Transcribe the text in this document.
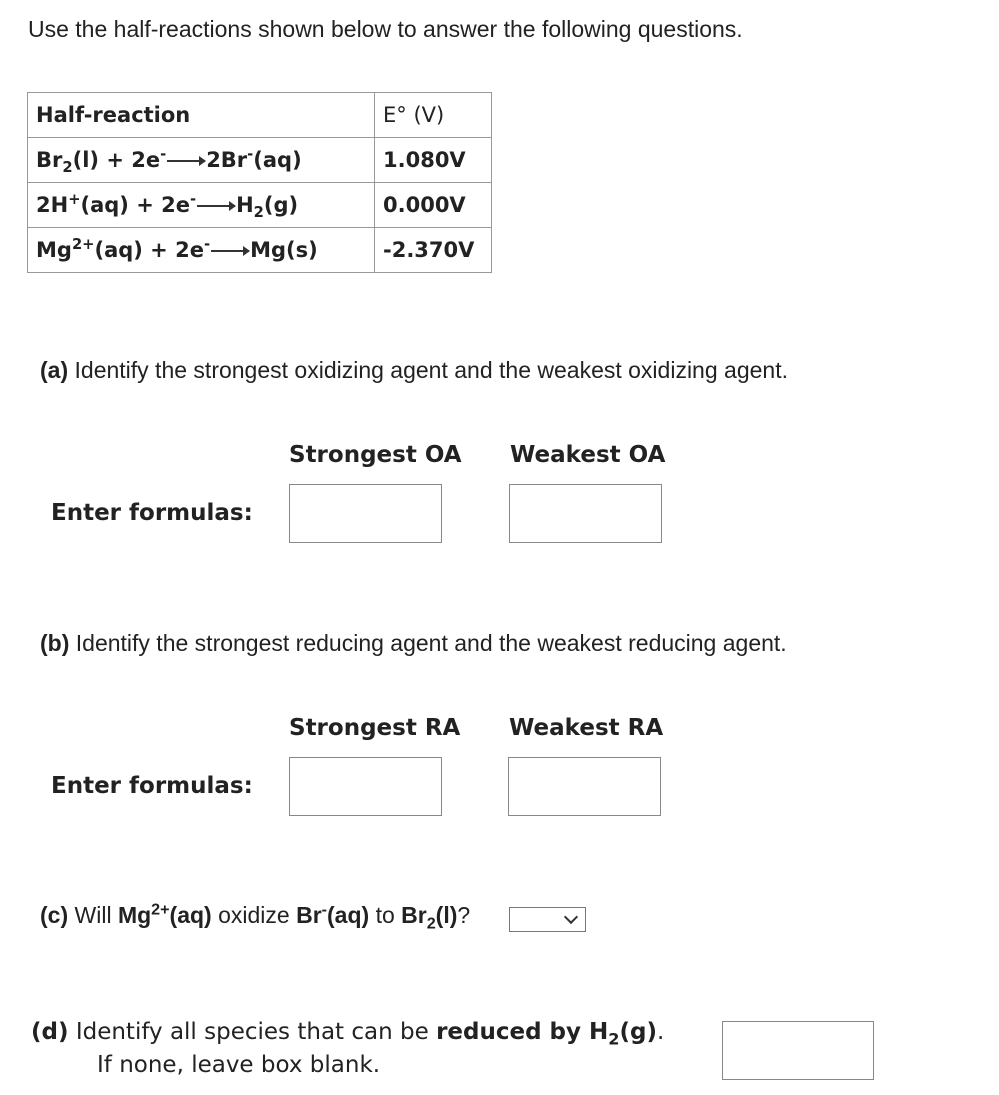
Use the half-reactions shown below to answer the following questions.
Half-reaction	E° (V)
$Br_2(l) + 2e^-\to 2Br^-(aq)$	1.080V
$2H^+(aq) + 2e^-\to H_2(g)$	0.000V
$Mg^{2+}(aq) + 2e^-\to Mg(s)$	-2.370V
(a) Identify the strongest oxidizing agent and the weakest oxidizing agent.
Strongest OA Weakest OA
Enter formulas:
(b) Identify the strongest reducing agent and the weakest reducing agent.
Strongest RA Weakest RA
Enter formulas:
(c) Will $Mg^{2+}(aq)$ oxidize Br-(aq) to $Br_2(l)$?
(d) Identify all species that can be reduced by $H_2(g)$.
If none, leave box blank.
